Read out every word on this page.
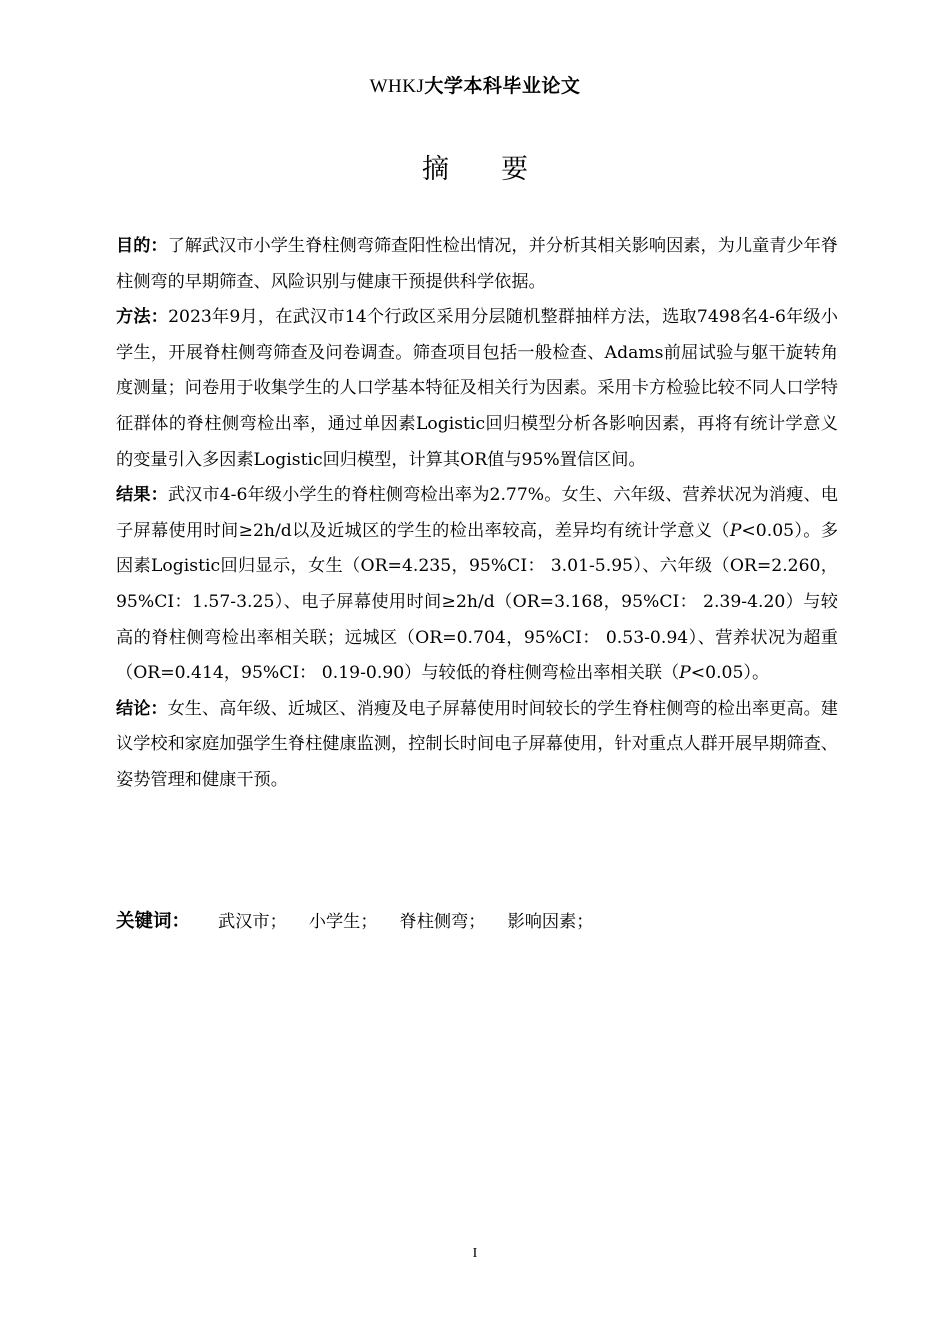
WHKJ大学本科毕业论文
摘 要

目的：了解武汉市小学生脊柱侧弯筛查阳性检出情况，并分析其相关影响因素，为儿童青少年脊柱侧弯的早期筛查、风险识别与健康干预提供科学依据。

方法：2023年9月，在武汉市14个行政区采用分层随机整群抽样方法，选取7498名4-6年级小学生，开展脊柱侧弯筛查及问卷调查。筛查项目包括一般检查、Adams前屈试验与躯干旋转角度测量；问卷用于收集学生的人口学基本特征及相关行为因素。采用卡方检验比较不同人口学特征群体的脊柱侧弯检出率，通过单因素Logistic回归模型分析各影响因素，再将有统计学意义的变量引入多因素Logistic回归模型，计算其OR值与95%置信区间。

结果：武汉市4-6年级小学生的脊柱侧弯检出率为2.77%。女生、六年级、营养状况为消瘦、电子屏幕使用时间≥2h/d以及近城区的学生的检出率较高，差异均有统计学意义（P<0.05）。多因素Logistic回归显示，女生（OR=4.235，95%CI： 3.01-5.95）、六年级（OR=2.260，95%CI：1.57-3.25）、电子屏幕使用时间≥2h/d（OR=3.168，95%CI： 2.39-4.20）与较高的脊柱侧弯检出率相关联；远城区（OR=0.704，95%CI： 0.53-0.94）、营养状况为超重（OR=0.414，95%CI： 0.19-0.90）与较低的脊柱侧弯检出率相关联（P<0.05）。

结论：女生、高年级、近城区、消瘦及电子屏幕使用时间较长的学生脊柱侧弯的检出率更高。建议学校和家庭加强学生脊柱健康监测，控制长时间电子屏幕使用，针对重点人群开展早期筛查、姿势管理和健康干预。

关键词： 武汉市； 小学生； 脊柱侧弯； 影响因素；
I
